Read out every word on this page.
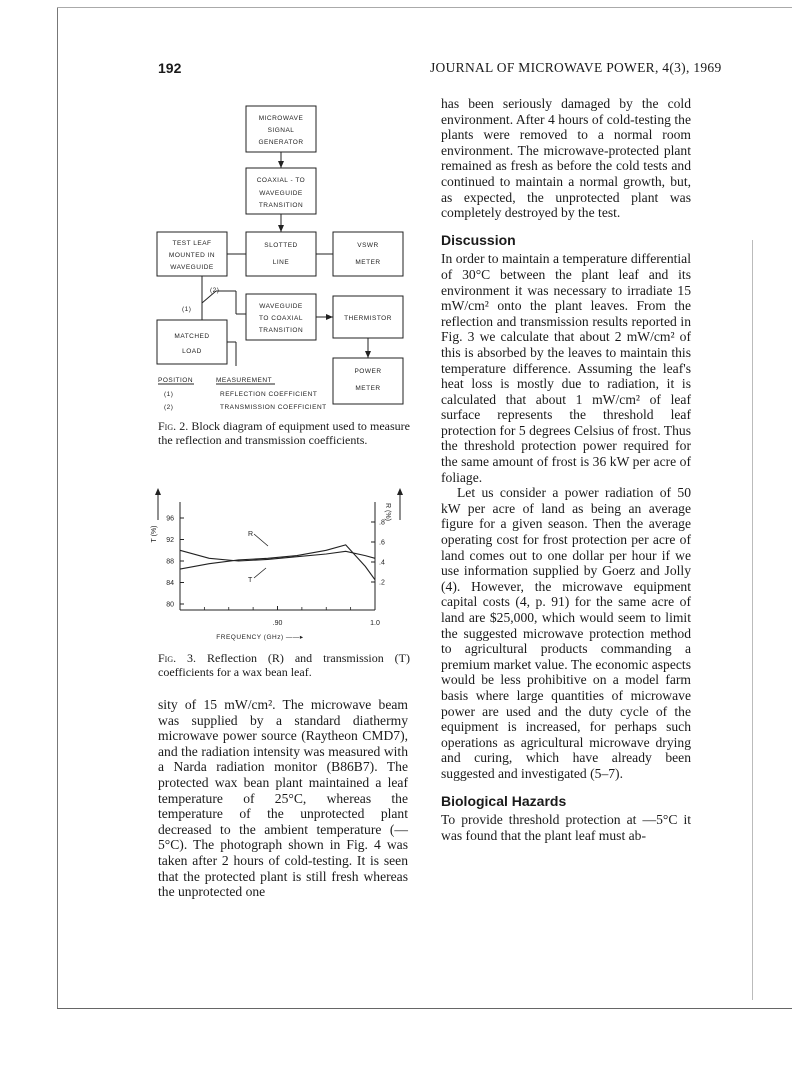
192	JOURNAL OF MICROWAVE POWER, 4(3), 1969
MICROWAVE
SIGNAL
GENERATOR
COAXIAL - TO
WAVEGUIDE
TRANSITION
TEST LEAF
MOUNTED IN
WAVEGUIDE
SLOTTED
LINE
VSWR
METER
WAVEGUIDE
TO COAXIAL
TRANSITION
THERMISTOR
MATCHED
LOAD
POWER
METER
(1)
(2)
POSITION	MEASUREMENT
(1)	REFLECTION COEFFICIENT
(2)	TRANSMISSION COEFFICIENT
Fig. 2. Block diagram of equipment used to measure the reflection and transmission coefficients.
T (%)
R (%)
96
92
88
84
80
.8
.6
.4
.2
.90	1.0
R
T
FREQUENCY (GHz) ——▸
Fig. 3. Reflection (R) and transmission (T) coefficients for a wax bean leaf.

sity of 15 mW/cm². The microwave beam was supplied by a standard diathermy microwave power source (Raytheon CMD7), and the radiation intensity was measured with a Narda radiation monitor (B86B7). The protected wax bean plant maintained a leaf temperature of 25°C, whereas the temperature of the unprotected plant decreased to the ambient temperature (—5°C). The photograph shown in Fig. 4 was taken after 2 hours of cold-testing. It is seen that the protected plant is still fresh whereas the unprotected one

has been seriously damaged by the cold environment. After 4 hours of cold-testing the plants were removed to a normal room environment. The microwave-protected plant remained as fresh as before the cold tests and continued to maintain a normal growth, but, as expected, the unprotected plant was completely destroyed by the test.

Discussion

In order to maintain a temperature differential of 30°C between the plant leaf and its environment it was necessary to irradiate 15 mW/cm² onto the plant leaves. From the reflection and transmission results reported in Fig. 3 we calculate that about 2 mW/cm² of this is absorbed by the leaves to maintain this temperature difference. Assuming the leaf's heat loss is mostly due to radiation, it is calculated that about 1 mW/cm² of leaf surface represents the threshold leaf protection for 5 degrees Celsius of frost. Thus the threshold protection power required for the same amount of frost is 36 kW per acre of foliage.

Let us consider a power radiation of 50 kW per acre of land as being an average figure for a given season. Then the average operating cost for frost protection per acre of land comes out to one dollar per hour if we use information supplied by Goerz and Jolly (4). However, the microwave equipment capital costs (4, p. 91) for the same acre of land are $25,000, which would seem to limit the suggested microwave protection method to agricultural products commanding a premium market value. The economic aspects would be less prohibitive on a model farm basis where large quantities of microwave power are used and the duty cycle of the equipment is increased, for perhaps such operations as agricultural microwave drying and curing, which have already been suggested and investigated (5–7).

Biological Hazards

To provide threshold protection at —5°C it was found that the plant leaf must ab-
